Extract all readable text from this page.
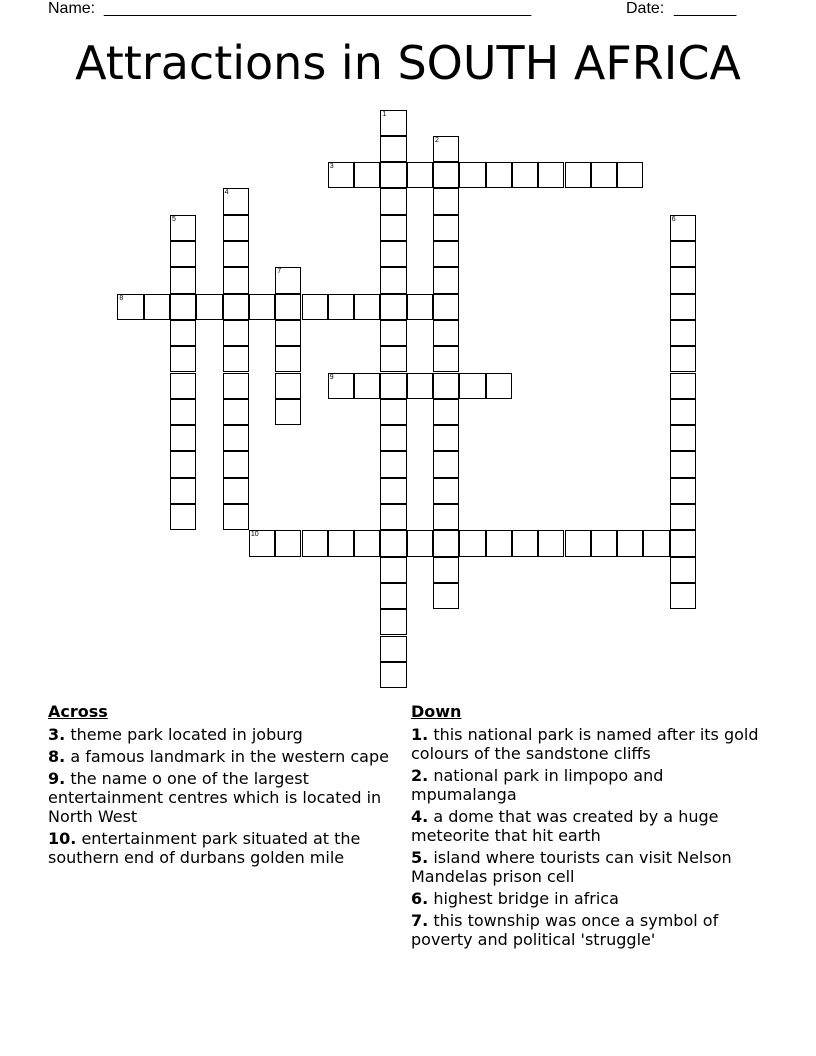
Name: ________________________________________________	Date: _______
Attractions in SOUTH AFRICA
1
2
3
4
5	6
7
8
9
10
Across
3. theme park located in joburg
8. a famous landmark in the western cape
9. the name o one of the largest entertainment centres which is located in North West
10. entertainment park situated at the southern end of durbans golden mile
Down
1. this national park is named after its gold colours of the sandstone cliffs
2. national park in limpopo and mpumalanga
4. a dome that was created by a huge meteorite that hit earth
5. island where tourists can visit Nelson Mandelas prison cell
6. highest bridge in africa
7. this township was once a symbol of poverty and political 'struggle'
